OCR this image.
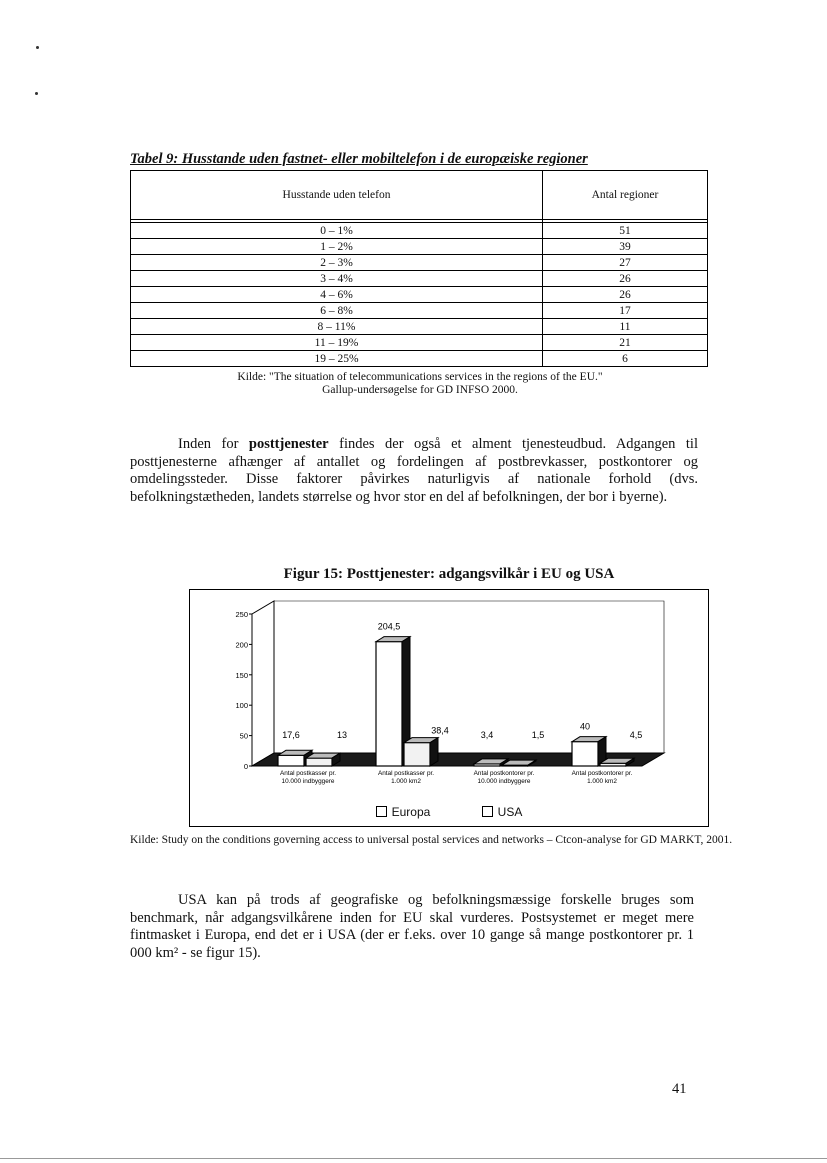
Tabel 9: Husstande uden fastnet- eller mobiltelefon i de europæiske regioner
Husstande uden telefon	Antal regioner

0 – 1%	51
1 – 2%	39
2 – 3%	27
3 – 4%	26
4 – 6%	26
6 – 8%	17
8 – 11%	11
11 – 19%	21
19 – 25%	6
Kilde: "The situation of telecommunications services in the regions of the EU."
Gallup-undersøgelse for GD INFSO 2000.
Inden for posttjenester findes der også et alment tjenesteudbud. Adgangen til posttjenesterne afhænger af antallet og fordelingen af postbrevkasser, postkontorer og omdelingssteder. Disse faktorer påvirkes naturligvis af nationale forhold (dvs. befolkningstætheden, landets størrelse og hvor stor en del af befolkningen, der bor i byerne).
Figur 15: Posttjenester: adgangsvilkår i EU og USA
0
50
100
150
200
250
17,6	13
Antal postkasser pr.
10.000 indbyggere
204,5
38,4
Antal postkasser pr.
1.000 km2
3,4	1,5
Antal postkontorer pr.
10.000 indbyggere
40
4,5
Antal postkontorer pr.
1.000 km2
Europa	USA
Kilde: Study on the conditions governing access to universal postal services and networks – Ctcon-analyse for GD MARKT, 2001.
USA kan på trods af geografiske og befolkningsmæssige forskelle bruges som benchmark, når adgangsvilkårene inden for EU skal vurderes. Postsystemet er meget mere fintmasket i Europa, end det er i USA (der er f.eks. over 10 gange så mange postkontorer pr. 1 000 km² - se figur 15).
41
